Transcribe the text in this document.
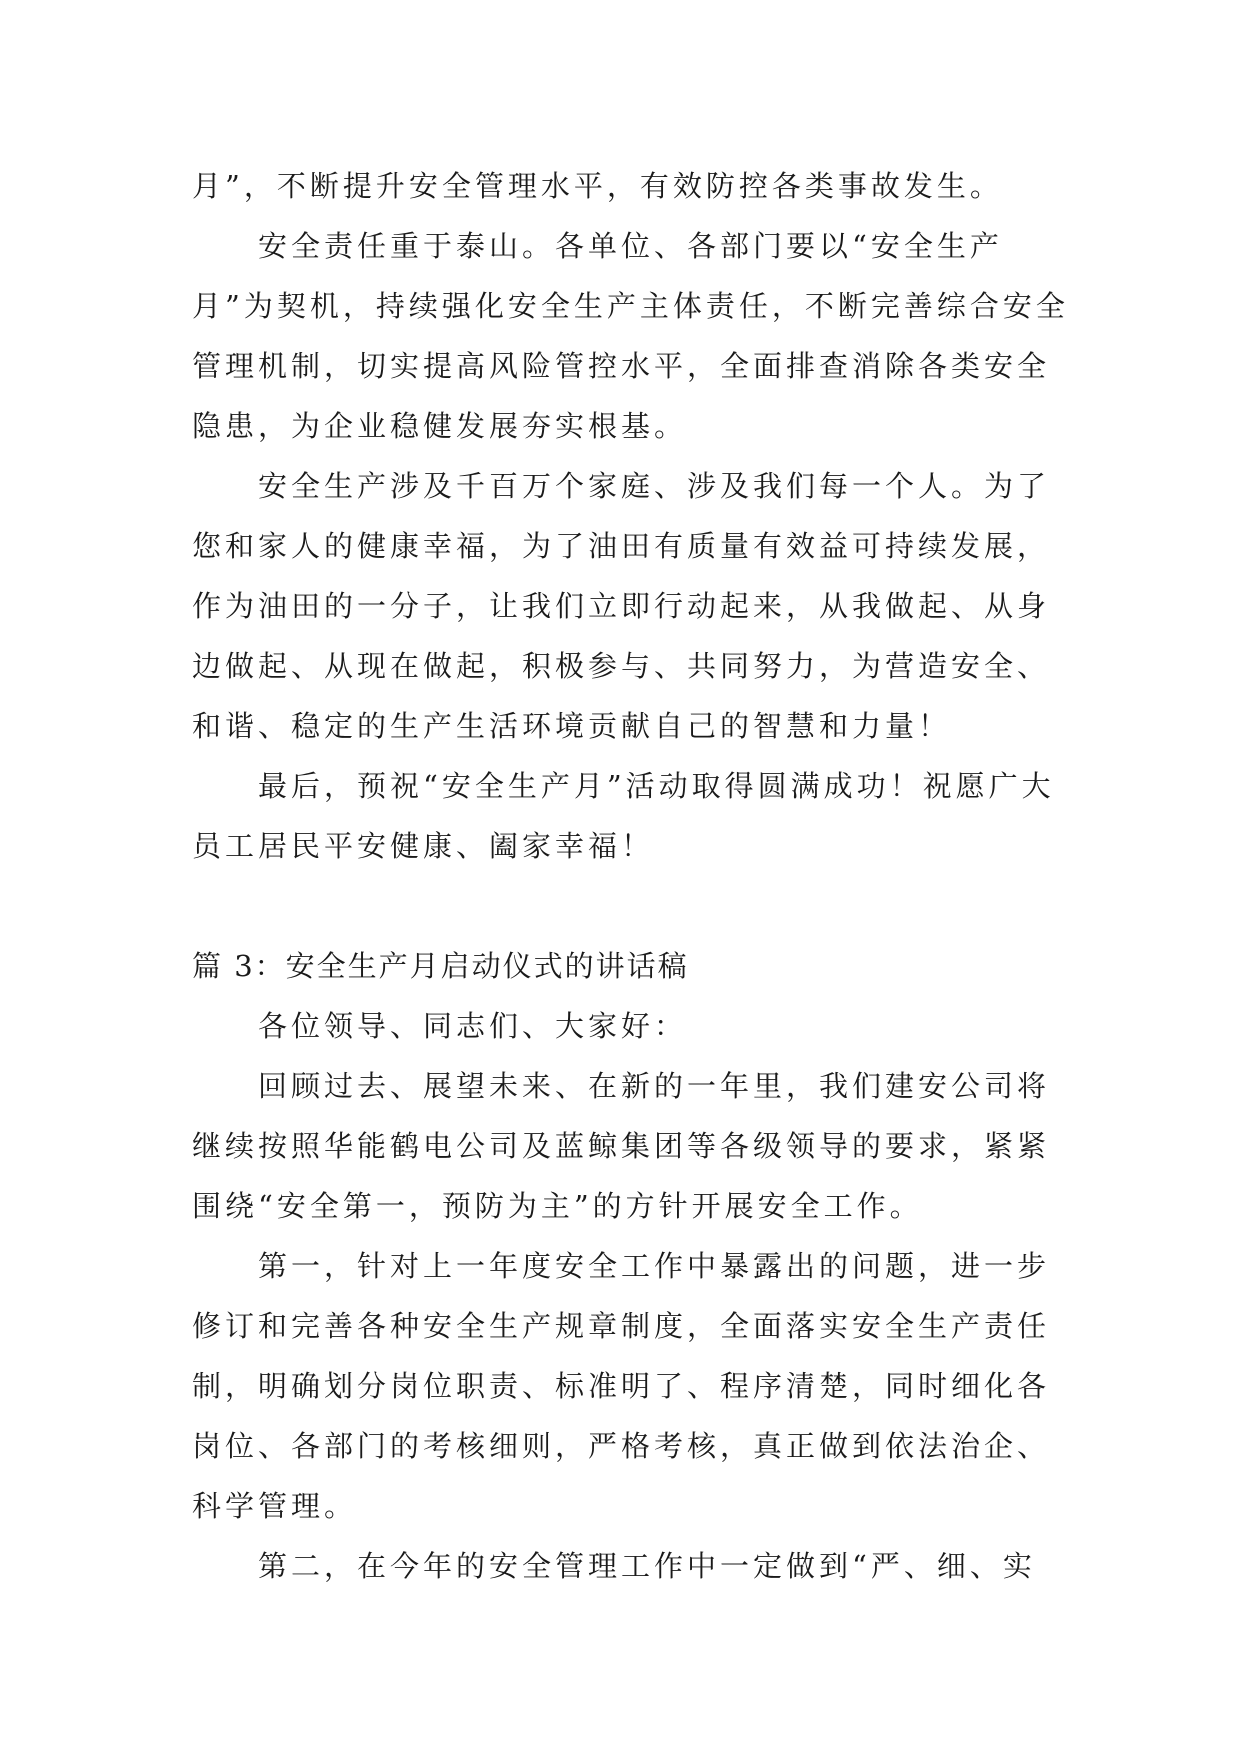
月”，不断提升安全管理水平，有效防控各类事故发生。

安全责任重于泰山。各单位、各部门要以“安全生产月”为契机，持续强化安全生产主体责任，不断完善综合安全管理机制，切实提高风险管控水平，全面排查消除各类安全隐患，为企业稳健发展夯实根基。

安全生产涉及千百万个家庭、涉及我们每一个人。为了您和家人的健康幸福，为了油田有质量有效益可持续发展，作为油田的一分子，让我们立即行动起来，从我做起、从身边做起、从现在做起，积极参与、共同努力，为营造安全、和谐、稳定的生产生活环境贡献自己的智慧和力量！

最后，预祝“安全生产月”活动取得圆满成功！祝愿广大员工居民平安健康、阖家幸福！

篇 3：安全生产月启动仪式的讲话稿

各位领导、同志们、大家好：

回顾过去、展望未来、在新的一年里，我们建安公司将继续按照华能鹤电公司及蓝鲸集团等各级领导的要求，紧紧围绕“安全第一，预防为主”的方针开展安全工作。

第一，针对上一年度安全工作中暴露出的问题，进一步修订和完善各种安全生产规章制度，全面落实安全生产责任制，明确划分岗位职责、标准明了、程序清楚，同时细化各岗位、各部门的考核细则，严格考核，真正做到依法治企、科学管理。

第二，在今年的安全管理工作中一定做到“严、细、实
